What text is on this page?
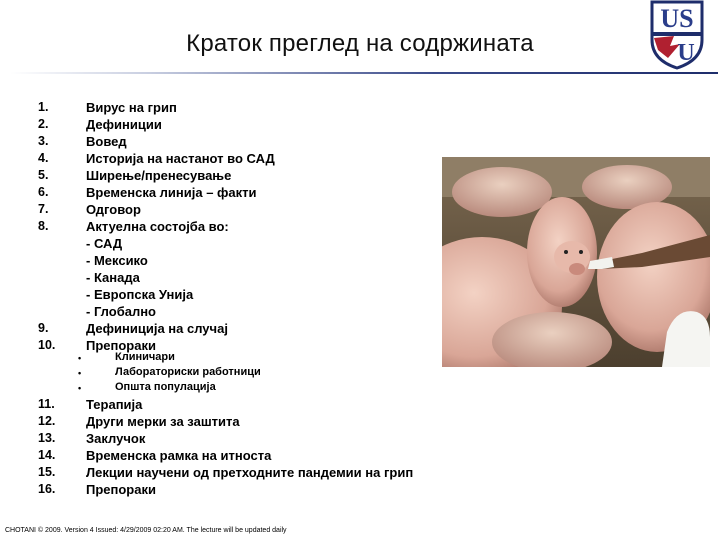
Краток преглед на содржината
US
U
1.	Вирус на грип
2.	Дефиниции
3.	Вовед
4.	Историја на настанот во САД
5.	Ширење/пренесување
6.	Временска линија – факти
7.	Одговор
8.	Актуелна состојба во:
- САД
- Мексико
- Канада
- Европска Унија
- Глобално
9.	Дефиниција на случај
10.	Препораки
•	Клиничари
•	Лабораториски работници
•	Општа популација
11.	Терапија
12.	Други мерки за заштита
13.	Заклучок
14.	Временска рамка на итноста
15.	Лекции научени од претходните пандемии на грип
16.	Препораки
CHOTANI © 2009. Version 4 Issued: 4/29/2009 02:20 AM. The lecture will be updated daily
